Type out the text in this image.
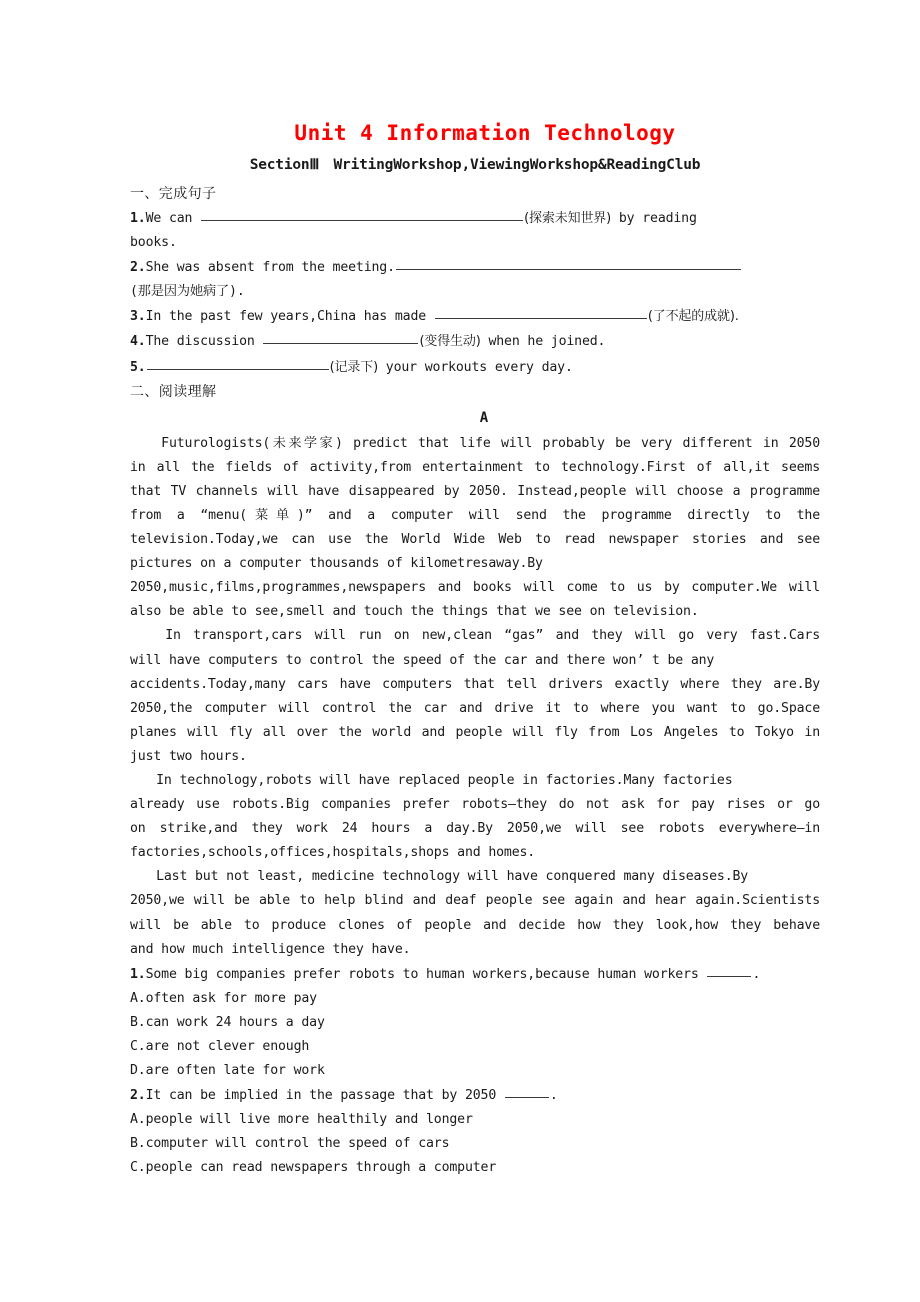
Unit 4 Information Technology
SectionⅢ　WritingWorkshop,ViewingWorkshop&ReadingClub
一、完成句子

1.We can	(探索未知世界) by reading

books.

2.She was absent from the meeting.

(那是因为她病了).

3.In the past few years,China has made	(了不起的成就).

4.The discussion	(变得生动) when he joined.

5.	(记录下) your workouts every day.

二、阅读理解
A

　　Futurologists(未来学家) predict that life will probably be very different in 2050

in all the fields of activity,from entertainment to technology.First of all,it seems

that TV channels will have disappeared by 2050. Instead,people will choose a programme

from a “menu(菜单)” and a computer will send the programme directly to the

television.Today,we can use the World Wide Web to read newspaper stories and see

pictures on a computer thousands of kilometresaway.By

2050,music,films,programmes,newspapers and books will come to us by computer.We will

also be able to see,smell and touch the things that we see on television.

　　In transport,cars will run on new,clean “gas” and they will go very fast.Cars

will have computers to control the speed of the car and there won’ t be any

accidents.Today,many cars have computers that tell drivers exactly where they are.By

2050,the computer will control the car and drive it to where you want to go.Space

planes will fly all over the world and people will fly from Los Angeles to Tokyo in

just two hours.

　　In technology,robots will have replaced people in factories.Many factories

already use robots.Big companies prefer robots—they do not ask for pay rises or go

on strike,and they work 24 hours a day.By 2050,we will see robots everywhere—in

factories,schools,offices,hospitals,shops and homes.

　　Last but not least, medicine technology will have conquered many diseases.By

2050,we will be able to help blind and deaf people see again and hear again.Scientists

will be able to produce clones of people and decide how they look,how they behave

and how much intelligence they have.

1.Some big companies prefer robots to human workers,because human workers	.

A.often ask for more pay

B.can work 24 hours a day

C.are not clever enough

D.are often late for work

2.It can be implied in the passage that by 2050	.

A.people will live more healthily and longer

B.computer will control the speed of cars

C.people can read newspapers through a computer
